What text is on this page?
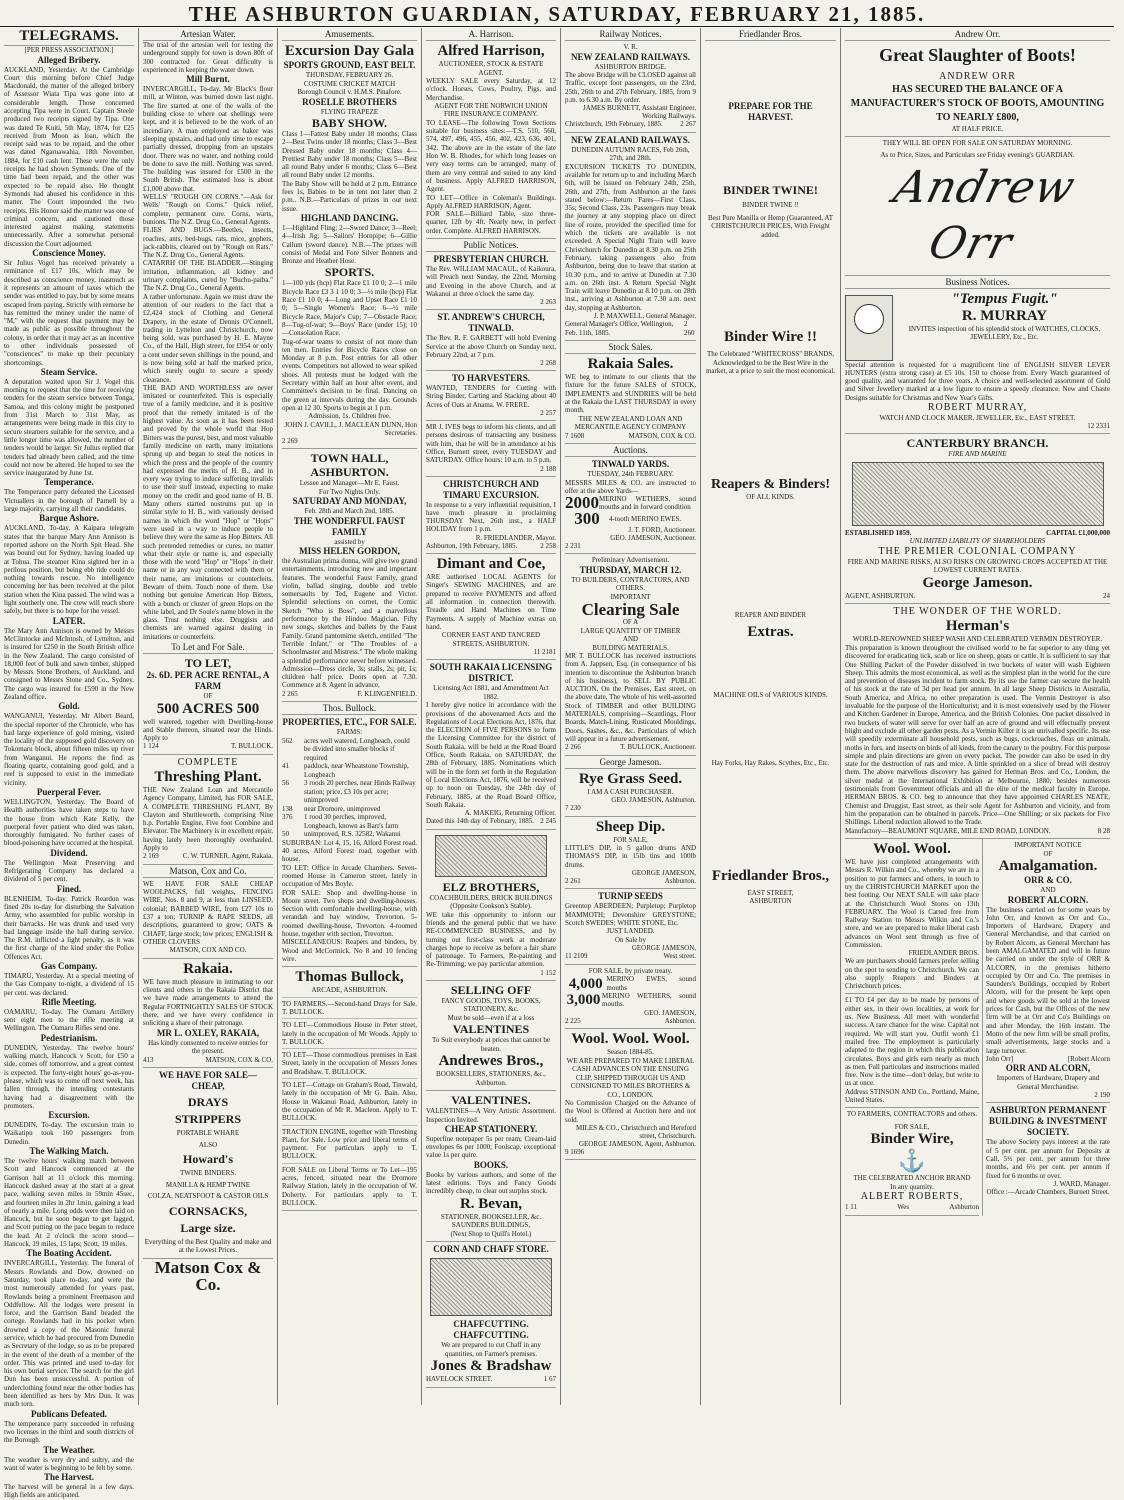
THE ASHBURTON GUARDIAN, SATURDAY, FEBRUARY 21, 1885.
TELEGRAMS.
[PER PRESS ASSOCIATION.]
Alleged Bribery.
AUCKLAND, Yesterday. At the Cambridge Court this morning before Chief Judge Macdonald, the matter of the alleged bribery of Assessor Wiata Tipa was gone into at considerable length. Those concerned accepting Tipa were in Court. Captain Steele produced two receipts signed by Tipa. One was dated Te Kuiti, 5th May, 1874, for £25 received from Moon as loan, which the receipt said was to be repaid, and the other was dated Ngaruawahia, 18th November, 1884, for £10 cash lent. These were the only receipts he had shown Symonds. One of the time had been repaid, and the other was expected to be repaid also. He thought Symonds had abused his confidence in this matter. The Court impounded the two receipts. His Honor said the matter was one of criminal concern, and cautioned those interested against making statements unnecessarily. After a somewhat personal discussion the Court adjourned.
Conscience Money.
Sir Julius Vogel has received privately a remittance of £17 10s, which may be described as conscience money, inasmuch as it represents an amount of taxes which the sender was entitled to pay, but by some means escaped from paying. Strictly with remorse he has remitted the money under the name of "M," with the request that payment may be made as public as possible throughout the colony, in order that it may act as an incentive to other individuals possessed of "consciences" to make up their pecuniary shortcomings.
Steam Service.
A deputation waited upon Sir J. Vogel this morning to request that the time for receiving tenders for the steam service between Tonga, Samoa, and this colony might be postponed from 31st March to 31st May, as arrangements were being made in this city to secure steamers suitable for the service, and a little longer time was allowed, the number of tenders would be larger. Sir Julius replied that tenders had already been called, and the time could not now be altered. He hoped to see the service inaugurated by June 1st.
Temperance.
The Temperance party defeated the Licensed Victuallers in the borough of Parnell by a large majority, carrying all their candidates.
Barque Ashore.
AUCKLAND, To-day. A Kaipara telegram states that the barque Mary Ann Annison is reported ashore on the North Spit Head. She was bound out for Sydney, having loaded up at Tohua. The steamer Kina sighted her in a perilous position, but being ebb tide could do nothing towards rescue. No intelligence concerning her has been received at the pilot station when the Kina passed. The wind was a light southerly one. The crew will reach shore safely, but there is no hope for the vessel.
LATER.
The Mary Ann Annison is owned by Messrs McClintocke and McIntosh, of Lyttelton, and is insured for £250 in the South British office in the New Zealand. The cargo consisted of 18,000 feet of bulk and sawn timber, shipped by Messrs Stone Brothers, of Auckland, and consigned to Messrs Stone and Co., Sydney. The cargo was insured for £590 in the New Zealand office.
Gold.
WANGANUI, Yesterday. Mr Albert Beard, the special reporter of the Chronicle, who has had large experience of gold mining, visited the locality of the supposed gold discovery on Tokomaru block, about fifteen miles up river from Wanganui. He reports the find as floating quartz, containing good gold, and a reef is supposed to exist in the immediate vicinity.
Puerperal Fever.
WELLINGTON, Yesterday. The Board of Health authorities have taken steps to have the house from which Kate Kelly, the puerperal fever patient who died was taken, thoroughly fumigated. No further cases of blood-poisoning have occurred at the hospital.
Dividend.
The Wellington Meat Preserving and Refrigerating Company has declared a dividend of 5 per cent.
Fined.
BLENHEIM, To-day. Patrick Reardon was fined 20s to-day for disturbing the Salvation Army, who assembled for public worship in their barracks. He was drunk and used very bad language inside the hall during service. The R.M. inflicted a light penalty, as it was the first charge of the kind under the Police Offences Act.
Gas Company.
TIMARU, Yesterday. At a special meeting of the Gas Company to-night, a dividend of 15 per cent. was declared.
Rifle Meeting.
OAMARU, To-day. The Oamaru Artillery sent eight men to the rifle meeting at Wellington. The Oamaru Rifles send one.
Pedestrianism.
DUNEDIN, Yesterday. The twelve hours' walking match, Hancock v Scott, for £50 a side, comes off tomorrow, and a great contest is expected. The forty-eight hours' go-as-you-please, which was to come off next week, has fallen through, the intending contestants having had a disagreement with the promoters.
Excursion.
DUNEDIN, To-day. The excursion train to Waikatipu took 160 passengers from Dunedin.
The Walking Match.
The twelve hours' walking match between Scott and Hancock commenced at the Garrison hall at 11 o'clock this morning. Hancock dashed away at the start at a great pace, walking seven miles in 59min 45sec, and fourteen miles in 2hr 1min, gaining a lead of nearly a mile. Long odds were then laid on Hancock, but he soon began to get fagged, and Scott putting on the pace began to reduce the lead. At 2 o'clock the score stood—Hancock, 19 miles, 15 laps; Scott, 19 miles.
The Boating Accident.
INVERCARGILL, Yesterday. The funeral of Messrs Rowlands and Dow, drowned on Saturday, took place to-day, and were the most numerously attended for years past, Rowlands being a prominent Freemason and Oddfellow. All the lodges were present in force, and the Garrison Band headed the cortege. Rowlands had in his pocket when drowned a copy of the Masonic funeral service, which he had procured from Dunedin as Secretary of the lodge, so as to be prepared in the event of the death of a member of the order. This was printed and used to-day for his own burial service. The search for the girl Dun has been unsuccessful. A portion of underclothing found near the other bodies has been identified as hers by Mrs Dun. It was much torn.
Publicans Defeated.
The temperance party succeeded in refusing two licenses in the third and south districts of the Borough.
The Weather.
The weather is very dry and sultry, and the want of water is beginning to be felt by some.
The Harvest.
The harvest will be general in a few days. High fields are anticipated.
Artesian Water.
The trial of the artesian well for testing the underground supply for town is down 80ft of 300 contracted for. Great difficulty is experienced in keeping the water down.
Mill Burnt.
INVERCARGILL, To-day. Mr Black's flour mill, at Winton, was burned down last night. The fire started at one of the walls of the building close to where oat shellings were kept, and it is believed to be the work of an incendiary. A man employed as baker was sleeping upstairs, and had only time to escape partially dressed, dropping from an upstairs door. There was no water, and nothing could be done to save the mill. Nothing was saved. The building was insured for £500 in the South British. The estimated loss is about £1,000 above that.
WELLS' "ROUGH ON CORNS."—Ask for Wells' "Rough on Corns." Quick relief, complete, permanent cure. Corns, warts, bunions. The N.Z. Drug Co., General Agents.
FLIES AND BUGS.—Beetles, insects, roaches, ants, bed-bugs, rats, mice, gophers, jack-rabbits, cleared out by "Rough on Rats." The N.Z. Drug Co., General Agents.
CATARRH OF THE BLADDER.—Stinging irritation, inflammation, all kidney and urinary complaints, cured by "Buchu-paiba." The N.Z. Drug Co., General Agents.
A rather unfortunate. Again we must draw the attention of our readers to the fact that a £2,424 stock of Clothing and General Drapery, in the estate of Dennis O'Connell, trading in Lyttelton and Christchurch, now being sold, was purchased by H. E. Mayne Co., of the Hall, High street, for £954 or only a cent under seven shillings in the pound, and is now being sold at half the marked price, which surely ought to secure a speedy clearance.
THE BAD AND WORTHLESS are never imitated or counterfeited. This is especially true of a family medicine, and it is positive proof that the remedy imitated is of the highest value. As soon as it has been tested and proved by the whole world that Hop Bitters was the purest, best, and most valuable family medicine on earth, many imitations sprung up and began to steal the notices in which the press and the people of the country had expressed the merits of H. B., and in every way trying to induce suffering invalids to use their stuff instead, expecting to make money on the credit and good name of H. B. Many others started nostrums put up in similar style to H. B., with variously devised names in which the word "Hop" or "Hops" were used in a way to induce people to believe they were the same as Hop Bitters. All such pretended remedies or cures, no matter what their style or name is, and especially those with the word "Hop" or "Hops" in their name or in any way connected with them or their name, are imitations or counterfeits. Beware of them. Touch none of them. Use nothing but genuine American Hop Bitters, with a bunch or cluster of green Hops on the white label, and Dr Soule's name blown in the glass. Trust nothing else. Druggists and chemists are warned against dealing in imitations or counterfeits.
To Let and For Sale.
TO LET,
2s. 6D. PER ACRE RENTAL, A FARM
OF
500 ACRES 500
well watered, together with Dwelling-house and Stable thereon, situated near the Hinds. Apply to
1 124	T. BULLOCK.
COMPLETE
Threshing Plant.
THE New Zealand Loan and Mercantile Agency Company, Limited, has FOR SALE, A COMPLETE THRESHING PLANT, By Clayton and Shuttleworth, comprising Nine h.p. Portable Engine, Five foot Combine and Elevator. The Machinery is in excellent repair, having lately been thoroughly overhauled. Apply to
2 169	C. W. TURNER, Agent, Rakaia.
Matson, Cox and Co.
WE HAVE FOR SALE CHEAP WOOLPACKS, full weights, FENCING WIRE, Nos. 8 and 9, at less than LINSEED, colonial; BARBED WIRE, from £27 10s to £37 a ton; TURNIP & RAPE SEEDS, all descriptions, guaranteed to grow; OATS & CHAFF, large stock; low prices; ENGLISH & OTHER CLOVERS
MATSON, COX AND CO.
Rakaia.
WE have much pleasure in intimating to our clients and others in the Rakaia District that we have made arrangements to attend the Regular FORTNIGHTLY SALES OF STOCK there, and we have every confidence in soliciting a share of their patronage.
MR L. OXLEY, RAKAIA,
Has kindly consented to receive entries for the present.
413	MATSON, COX & CO.
WE HAVE FOR SALE—CHEAP,
DRAYS
STRIPPERS
PORTABLE WHARE
ALSO
Howard's
TWINE BINDERS.
MANILLA & HEMP TWINE
COLZA, NEATSFOOT & CASTOR OILS
CORNSACKS,
Large size.
Everything of the Best Quality and make and at the Lowest Prices.
Matson Cox & Co.
Amusements.
Excursion Day Gala
SPORTS GROUND, EAST BELT.
THURSDAY, FEBRUARY 26.
COSTUME CRICKET MATCH
Borough Council v. H.M.S. Pinafore.
ROSELLE BROTHERS
FLYING TRAPEZE
BABY SHOW.
Class 1—Fattest Baby under 18 months; Class 2—Best Twins under 18 months; Class 3—Best Dressed Baby under 18 months; Class 4—Prettiest Baby under 18 months; Class 5—Best all round Baby under 6 months; Class 6—Best all round Baby under 12 months.
The Baby Show will be held at 2 p.m. Entrance fees 1s, Babies to be in tent not later than 2 p.m.. N.B.—Particulars of prizes in our next issue.
HIGHLAND DANCING.
1—Highland Fling; 2—Sword Dance; 3—Reel; 4—Irish Jig; 5—Sailors' Hornpipe; 6—Gillie Callum (sword dance). N.B.—The prizes will consist of Medal and Fore Silver Bonnets and Bronze and Heather Hose.
SPORTS.
1—100 yds (hcp) Flat Race £1 10 0; 2—1 mile Bicycle Race £3 3 1 10 0; 3—½ mile (hcp) Flat Race £1 10 0; 4—Long and Upset Race £1 10 0; 5—Single Women's Race; 6—½ mile Bicycle Race, Major's Cup; 7—Obstacle Race; 8—Tug-of-war; 9—Boys' Race (under 15); 10—Consolation Race.
Tug-of-war teams to consist of not more than ten men. Entries for Bicycle Races close on Monday at 8 p.m. Post entries for all other events. Competitors not allowed to wear spiked shoes. All protests must be lodged with the Secretary within half an hour after event, and Committee's decision to be final. Dancing on the green at intervals during the day. Grounds open at 12 30. Sports to begin at 1 p.m.
Admission, 1s. Children free.
JOHN J. CAVILL, J. MACLEAN DUNN, Hon Secretaries.
2 269
TOWN HALL, ASHBURTON.
Lessee and Manager—Mr E. Faust.
For Two Nights Only.
SATURDAY AND MONDAY,
Feb. 28th and March 2nd, 1885.
THE WONDERFUL FAUST FAMILY
assisted by
MISS HELEN GORDON,
the Australian prima donna, will give two grand entertainments, introducing new and important features. The wonderful Faust Family, grand violin, ballad singing, double and treble somersaults by Ted, Eugene and Victor. Splendid selections on cornet, the Comic Sketch "Who is Boss", and a marvellous performance by the Hindoo Magician. Fifty new songs, sketches and ballets by the Faust Family. Grand pantomime sketch, entitled "The Terrible Infant," or "The Troubles of a Schoolmaster and Mistress." The whole making a splendid performance never before witnessed. Admission—Dress circle, 3s; stalls, 2s; pit, 1s; children half price. Doors open at 7.30. Commence at 8. Agent in advance,
2 265	F. KLINGENFIELD.
Thos. Bullock.
PROPERTIES, ETC., FOR SALE.
FARMS:
562	acres well watered, Longbeach, could be divided into smaller blocks if required
41	paddock, near Wheatstone Township, Longbeach
56	3 roods 20 perches, near Hinds Railway station; price, £3 10s per acre; unimproved
138	near Dromore, unimproved
376	1 rood 30 perches, improved, Longbeach, known as Barr's farm
50	unimproved, R.S. 32582, Wakanui
SUBURBAN: Lot 4, 15, 16, Alford Forest road. 40 acres, Alford Forest road, together with house.
TO LET: Office in Arcade Chambers. Seven-roomed House in Cameron street, lately in occupation of Mrs Boyle.
FOR SALE: Shop and dwelling-house in Moore street. Two shops and dwelling-houses. Section with comfortable dwelling-house, with verandah and bay window, Trevorton. 5-roomed dwelling-house, Trevorton. 4-roomed house, together with section, Trevorton.
MISCELLANEOUS: Reapers and binders, by Wood and McCormick. No 8 and 10 fencing wire.
Thomas Bullock,
ARCADE, ASHBURTON.
TO FARMERS.—Second-hand Drays for Sale. T. BULLOCK.
TO LET—Commodious House in Peter street, lately in the occupation of Mr Woods. Apply to T. BULLOCK.
TO LET—Those commodious premises in East Street, lately in the occupation of Messrs Jones and Bradshaw. T. BULLOCK.
TO LET—Cottage on Graham's Road, Tinwald, lately in the occupation of Mr G. Bain. Also, House in Wakanui Road, Ashburton, lately in the occupation of Mr R. Macleon. Apply to T. BULLOCK.
TRACTION ENGINE, together with Threshing Plant, for Sale. Low price and liberal terms of payment. For particulars apply to T. BULLOCK.
FOR SALE on Liberal Terms or To Let—195 acres, fenced, situated near the Dromore Railway Station, lately in the occupation of W. Doherty. For particulars apply to T. BULLOCK.
A. Harrison.
Alfred Harrison,
AUCTIONEER, STOCK & ESTATE AGENT.
WEEKLY SALE every Saturday, at 12 o'clock. Horses, Cows, Poultry, Pigs, and Merchandise.
AGENT FOR THE NORWICH UNION FIRE INSURANCE COMPANY.
TO LEASE—The following Town Sections suitable for business sites:—T.S. 510, 560, 574, 497, 496, 455, 456, 402, 423, 636, 401, 342. The above are in the estate of the late Hon W. B. Rhodes, for which long leases on very easy terms can be arranged; many of them are very central and suited to any kind of business. Apply ALFRED HARRISON, Agent.
TO LET—Office in Coleman's Buildings. Apply ALFRED HARRISON, Agent.
FOR SALE—Billiard Table, size three-quarter, 12ft by 4ft. Nearly new, in perfect order. Complete. ALFRED HARRISON.
Public Notices.
PRESBYTERIAN CHURCH.
The Rev. WILLIAM MACAUL, of Kaikoura, will Preach next Sunday, the 22nd, Morning and Evening in the above Church, and at Wakanui at three o'clock the same day.
2 263
ST. ANDREW'S CHURCH, TINWALD.
The Rev. R. F. GARBETT will hold Evening Service at the above Church on Sunday next, February 22nd, at 7 p.m.
2 268
TO HARVESTERS.
WANTED, TENDERS for Cutting with String Binder, Carting and Stacking about 40 Acres of Oats at Anama. W. FRERE.
2 257
MR J. IVES begs to inform his clients, and all persons desirous of transacting any business with him, that he will be in attendance at his Office, Burnett street, every TUESDAY and SATURDAY. Office hours: 10 a.m. to 5 p.m.
2 188
CHRISTCHURCH AND TIMARU EXCURSION.
In response to a very influential requisition, I have much pleasure in proclaiming THURSDAY Next, 26th inst., a HALF HOLIDAY from 1 p.m.
R. FRIEDLANDER, Mayor.
Ashburton, 19th February, 1885.	2 258
Dimant and Coe,
ARE authorised LOCAL AGENTS for Singer's SEWING MACHINES, and are prepared to receive PAYMENTS and afford all information in connection therewith. Treadle and Hand Machines on Time Payments. A supply of Machine extras on hand.
CORNER EAST AND TANCRED STREETS, ASHBURTON.
11 2181
SOUTH RAKAIA LICENSING DISTRICT.
Licensing Act 1881, and Amendment Act 1882.
I hereby give notice in accordance with the provisions of the abovenamed Acts and the Regulations of Local Elections Act, 1876, that the ELECTION of FIVE PERSONS to form the Licensing Committee for the district of South Rakaia, will be held at the Road Board Office, South Rakaia, on SATURDAY, the 28th of February, 1885. Nominations which will be in the form set forth in the Regulation of Local Elections Act, 1876, will be received up to noon on Tuesday, the 24th day of February, 1885, at the Road Board Office, South Rakaia.
A. MAKEIG, Returning Officer.
Dated this 14th day of February, 1885. 2 245
ELZ BROTHERS,
COACHBUILDERS, BRICK BUILDINGS
(Opposite Cookson's Stable).
WE take this opportunity to inform our friends and the general public that we have RE-COMMENCED BUSINESS, and by turning out first-class work at moderate charges hope to receive as before a fair share of patronage. To Farmers, Re-painting and Re-Trimming, we pay particular attention.
1 152
SELLING OFF
FANCY GOODS, TOYS, BOOKS, STATIONERY, &c.
Must be sold—even if at a loss
VALENTINES
To Suit everybody at prices that cannot be beaten.
Andrewes Bros.,
BOOKSELLERS, STATIONERS, &c., Ashburton.
VALENTINES.
VALENTINES—A Very Artistic Assortment. Inspection Invited.
CHEAP STATIONERY.
Superfine notepaper 5s per ream; Cream-laid envelopes 6s per 1000; Foolscap, exceptional value 1s per quire.
BOOKS.
Books by various authors, and some of the latest editions. Toys and Fancy Goods incredibly cheap, to clear out surplus stock.
R. Bevan,
STATIONER, BOOKSELLER, &c. SAUNDERS BUILDINGS,
(Next Shop to Quill's Hotel.)
CORN AND CHAFF STORE.
CHAFFCUTTING. CHAFFCUTTING.
We are prepared to cut Chaff in any quantities, on Farmer's premises.
Jones & Bradshaw
HAVELOCK STREET.	1 67
Railway Notices.
V. R.
NEW ZEALAND RAILWAYS.
ASHBURTON BRIDGE.
The above Bridge will be CLOSED against all Traffic, except foot passengers, on the 23rd, 25th, 26th to and 27th February, 1885, from 9 p.m. to 6.30 a.m. By order.
JAMES BURNETT, Assistant Engineer, Working Railways.
Christchurch, 19th February, 1885. 2 267
NEW ZEALAND RAILWAYS.
DUNEDIN AUTUMN RACES, Feb 26th, 27th, and 28th.
EXCURSION TICKETS TO DUNEDIN, available for return up to and including March 6th, will be issued on February 24th, 25th, 26th, and 27th, from Ashburton at the fares stated below:—Return Fares—First Class, 35s; Second Class, 23s. Passengers may break the journey at any stopping place on direct line of route, provided the specified time for which the tickets are available is not exceeded. A Special Night Train will leave Christchurch for Dunedin at 8.30 p.m. on 25th February, taking passengers also from Ashburton, being due to leave that station at 10.30 p.m., and to arrive at Dunedin at 7.30 a.m. on 26th inst. A Return Special Night Train will leave Dunedin at 8.10 p.m. on 28th inst., arriving at Ashburton at 7.30 a.m. next day, stopping at Ashburton.
J. P. MAXWELL, General Manager.
General Manager's Office, Wellington, Feb. 11th, 1885.
2 260
Stock Sales.
Rakaia Sales.
WE beg to intimate to our clients that the fixture for the future SALES of STOCK, IMPLEMENTS and SUNDRIES will be held at the Rakaia the LAST THURSDAY in every month.
THE NEW ZEALAND LOAN AND MERCANTILE AGENCY COMPANY
7 1608	MATSON, COX & CO.
Auctions.
TINWALD YARDS.
TUESDAY, 24th FEBRUARY.
MESSRS MILES & CO. are instructed to offer at the above Yards—
2000 MERINO WETHERS, sound mouths and in forward condition
300	4-tooth MERINO EWES.
J. T. FORD, Auctioneer.
GEO. JAMESON, Auctioneer.
2 231
Preliminary Advertisement.
THURSDAY, MARCH 12.
TO BUILDERS, CONTRACTORS, AND OTHERS.
IMPORTANT
Clearing Sale
OF A
LARGE QUANTITY OF TIMBER
AND
BUILDING MATERIALS.
MR T. BULLOCK has received instructions from A. Jappsen, Esq. (in consequence of his intention to discontinue the Ashburton branch of his business), to SELL BY PUBLIC AUCTION, On the Premises, East street, on the above date, The whole of his well-assorted Stock of TIMBER and other BUILDING MATERIALS, comprising—Scantlings, Floor Boards, Match-Lining, Rusticated Mouldings, Doors, Sashes, &c., &c. Particulars of which will appear in a future advertisement.
2 266	T. BULLOCK, Auctioneer.
George Jameson.
Rye Grass Seed.
I AM A CASH PURCHASER.
GEO. JAMESON, Ashburton.
7 230
Sheep Dip.
FOR SALE,
LITTLE'S DIP, in 5 gallon drums AND THOMAS'S DIP, in 15lb tins and 100lb drums.
GEORGE JAMESON,
2 261	Ashburton.
TURNIP SEEDS
Greentop ABERDEEN; Purpletop; Purpletop MAMMOTH; Devonshire GREYSTONE; Scotch SWEDES; WHITE STONE, Etc.
JUST LANDED.
On Sale by
GEORGE JAMESON,
11 2109	West street.
FOR SALE, by private treaty.
4,000 MERINO EWES, sound mouths
3,000 MERINO WETHERS, sound mouths.
GEO. JAMESON,
2 225	Ashburton.
Wool. Wool. Wool.
Season 1884-85.
WE ARE PREPARED TO MAKE LIBERAL CASH ADVANCES ON THE ENSUING CLIP, SHIPPED THROUGH US AND CONSIGNED TO MILES BROTHERS & CO., LONDON.
No Commission Charged on the Advance of the Wool is Offered at Auction here and not sold.
MILES & CO., Christchurch and Hereford street, Christchurch.
GEORGE JAMESON, Agent, Ashburton.
9 1696
Friedlander Bros.
PREPARE FOR THE HARVEST.
BINDER TWINE!
BINDER TWINE !!
Best Pure Manilla or Hemp (Guaranteed, AT CHRISTCHURCH PRICES, With Freight added.
Binder Wire !!
The Celebrated "WHITECROSS" BRANDS, Acknowledged to be the Best Wire in the market, at a price to suit the most economical.
Reapers & Binders!
OF ALL KINDS.
REAPER AND BINDER
Extras.
MACHINE OILS of VARIOUS KINDS.
Hay Forks, Hay Rakes, Scythes, Etc., Etc.
Friedlander Bros.,
EAST STREET,
ASHBURTON
Andrew Orr.
Great Slaughter of Boots!
ANDREW ORR
HAS SECURED THE BALANCE OF A MANUFACTURER'S STOCK OF BOOTS, AMOUNTING TO NEARLY £800,
AT HALF PRICE.
THEY WILL BE OPEN FOR SALE ON SATURDAY MORNING.
As to Price, Sizes, and Particulars see Friday evening's GUARDIAN.
Andrew Orr
Business Notices.
"Tempus Fugit."
R. MURRAY
INVITES inspection of his splendid stock of WATCHES, CLOCKS, JEWELLERY, Etc., Etc.
Special attention is requested for a magnificent line of ENGLISH SILVER LEVER HUNTERS (extra strong case) at £5 10s. 150 to choose from. Every Watch guaranteed of good quality, and warranted for three years. A choice and well-selected assortment of Gold and Silver Jewellery marked at a low figure to ensure a speedy clearance. New and Chaste Designs suitable for Christmas and New Year's Gifts.
ROBERT MURRAY,
WATCH AND CLOCK MAKER, JEWELLER, Etc., EAST STREET.
12 2331
CANTERBURY BRANCH.
FIRE AND MARINE
ESTABLISHED 1859.	CAPITAL £1,000,000
UNLIMITED LIABILITY OF SHAREHOLDERS
THE PREMIER COLONIAL COMPANY
FIRE AND MARINE RISKS, ALSO RISKS ON GROWING CROPS ACCEPTED AT THE LOWEST CURRENT RATES.
George Jameson.
AGENT, ASHBURTON.	24
THE WONDER OF THE WORLD.
Herman's
WORLD-RENOWNED SHEEP WASH AND CELEBRATED VERMIN DESTROYER.
This preparation is known throughout the civilised world to be far superior to any thing yet discovered for eradicating tick, scab or lice on sheep, goats or cattle. It is sufficient to say that One Shilling Packet of the Powder dissolved in two buckets of water will wash Eighteen Sheep. This admits the most economical, as well as the simplest plan in the world for the cure and prevention of diseases incident to farm stock. By its use the farmer can secure the health of his stock at the rate of 3d per head per annum. In all large Sheep Districts in Australia, South America, and Africa, no other preparation is used. The Vermin Destroyer is also invaluable for the purpose of the Horticulturist; and it is most extensively used by the Flower and Kitchen Gardener in Europe, America, and the British Colonies. One packet dissolved in two buckets of water will serve for over half an acre of ground and will effectually prevent blight and exclude all other garden pests. As a Vermin Killer it is an unrivalled specific. Its use will speedily exterminate all household pests, such as bugs, cockroaches, fleas on animals, moths in furs, and insects on birds of all kinds, from the canary to the poultry. For this purpose simple and plain directions are given on every packet. The powder can also be used in dry state for the destruction of rats and mice. A little sprinkled on a slice of bread will destroy them. The above marvellous discovery has gained for Herman Bros. and Co., London, the silver medal at the International Exhibition at Melbourne, 1880, besides numerous testimonials from Government officials and all the elite of the medical faculty in Europe. HERMAN BROS. & CO. beg to announce that they have appointed CHARLES NEATE, Chemist and Druggist, East street, as their sole Agent for Ashburton and vicinity, and from him the preparation can be obtained in parcels. Price—One Shilling; or six packets for Five Shillings. Liberal reduction allowed to the Trade.
Manufactory—BEAUMONT SQUARE, MILE END ROAD, LONDON.	8 28
Wool. Wool.
WE have just completed arrangements with Messrs R. Wilkin and Co., whereby we are in a position to put farmers and others, in touch to try the CHRISTCHURCH MARKET upon the best footing. Our NEXT SALE will take place at the Christchurch Wool Stores on 13th FEBRUARY. The Wool is Carted free from Railway Station to Messrs Wilkin and Co.'s store, and we are prepared to make liberal cash advances on Wool sent through us free of Commission.
FRIEDLANDER BROS.
We are purchasers should farmers prefer selling on the spot to sending to Christchurch. We can also supply Reapers and Binders at Christchurch prices.
£1 TO £4 per day to be made by persons of either sex, in their own localities, at work for us. New Business. All meet with wonderful success. A rare chance for the wise. Capital not required. We will start you. Outfit worth £1 mailed free. The employment is particularly adapted to the region in which this publication circulates. Boys and girls earn nearly as much as men. Full particulars and instructions mailed free. Now is the time—don't delay, but write to us at once.
Address STINSON AND Co., Portland, Maine, United States.
TO FARMERS, CONTRACTORS and others.
FOR SALE,
Binder Wire,
⚓
THE CELEBRATED ANCHOR BRAND
In any quantity.
ALBERT ROBERTS,
1 11	Wes	Ashburton
IMPORTANT NOTICE
OF
Amalgamation.
ORR & CO.
AND
ROBERT ALCORN.
The business carried on for some years by John Orr, and known as Orr and Co., Importers of Hardware, Drapery and General Merchandise, and that carried on by Robert Alcorn, as General Merchant has been AMALGAMATED and will in future be carried on under the style of ORR & ALCORN, in the premises hitherto occupied by Orr and Co. The premises in Saunders's Buildings, occupied by Robert Alcorn, will for the present be kept open and where goods will be sold at the lowest prices for Cash, but the Offices of the new firm will be at Orr and Co's Buildings on and after Monday, the 16th instant. The Motto of the new firm will be small profits, small advertisements, large stocks and a large turnover.
John Orr]	[Robert Alcorn
ORR AND ALCORN,
Importers of Hardware, Drapery and General Merchandise.
2 190
ASHBURTON PERMANENT BUILDING & INVESTMENT SOCIETY.
The above Society pays interest at the rate of 5 per cent. per annum for Deposits at Call, 5½ per cent. per annum for three months, and 6½ per cent. per annum if fixed for 6 months or over.
J. WARD, Manager.
Office :—Arcade Chambers, Burnett Street.
